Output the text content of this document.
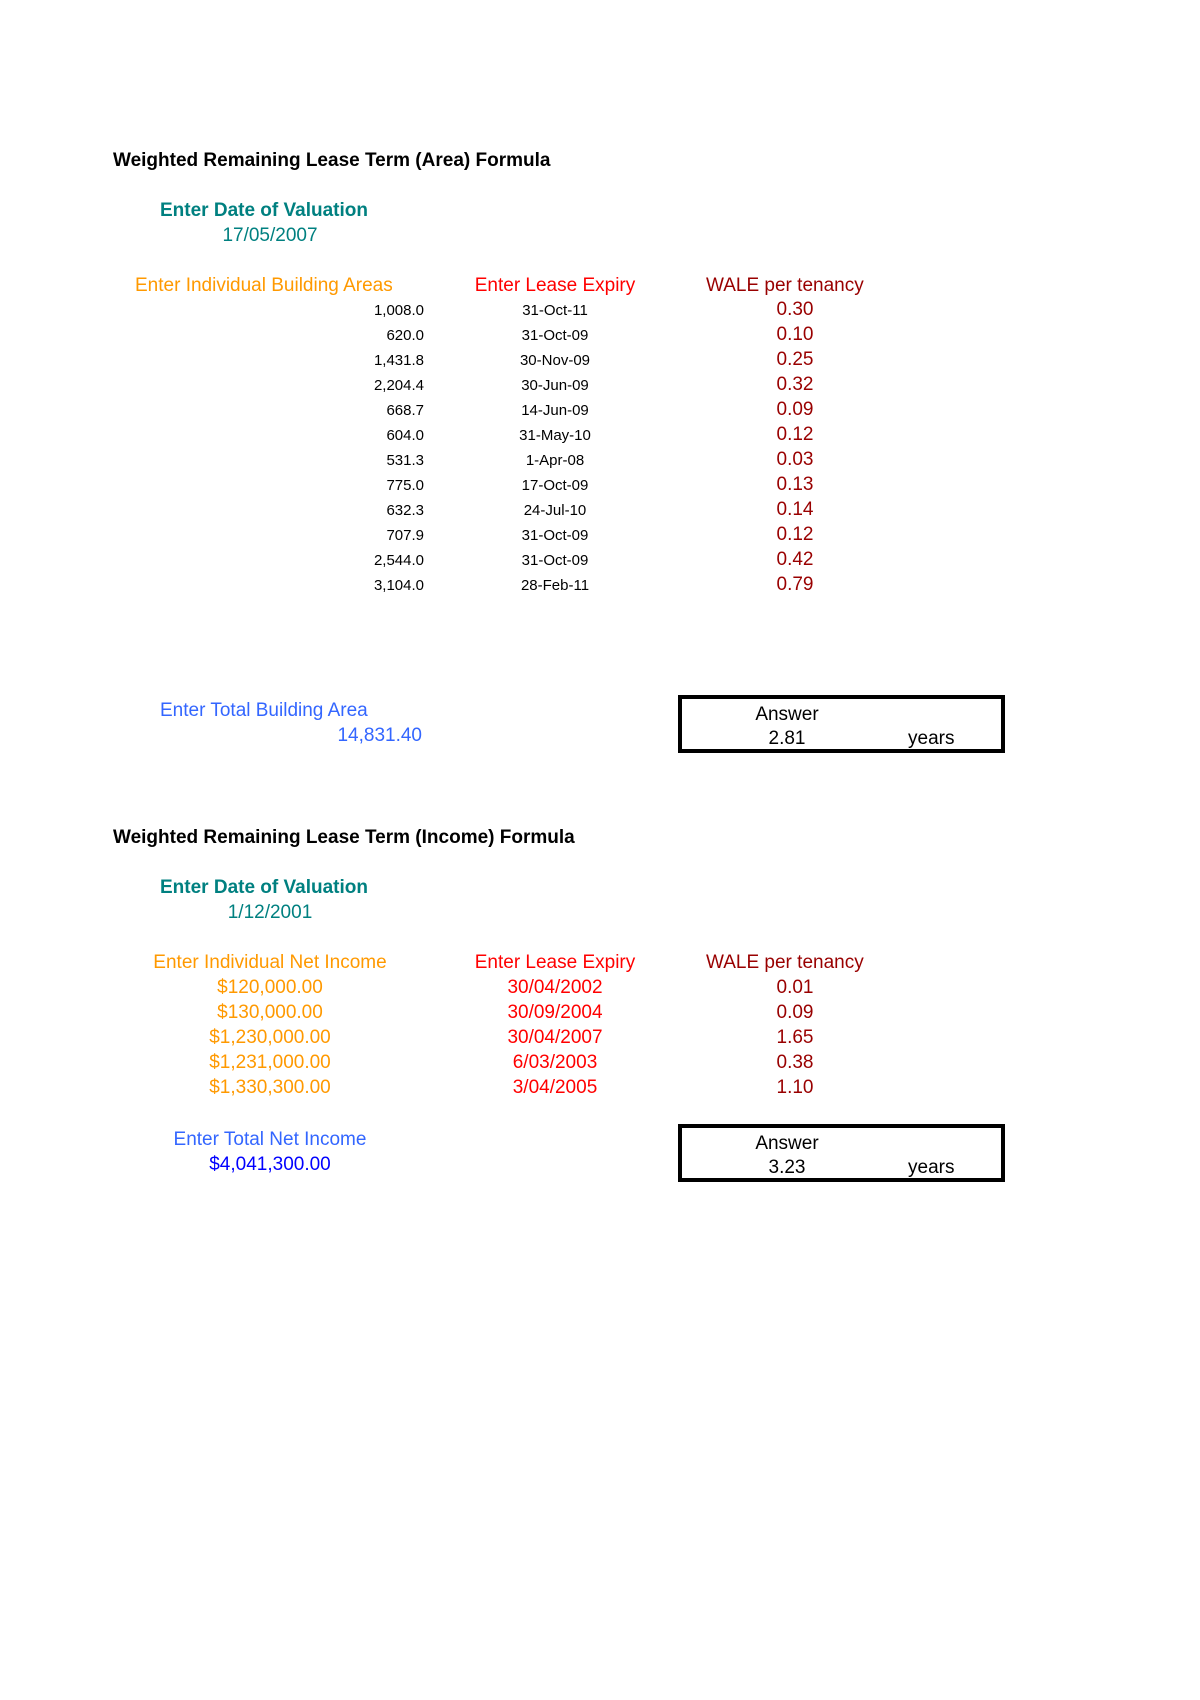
Weighted Remaining Lease Term (Area) Formula
Enter Date of Valuation
17/05/2007
Enter Individual Building Areas	Enter Lease Expiry	WALE per tenancy
1,008.0	31-Oct-11	0.30
620.0	31-Oct-09	0.10
1,431.8	30-Nov-09	0.25
2,204.4	30-Jun-09	0.32
668.7	14-Jun-09	0.09
604.0	31-May-10	0.12
531.3	1-Apr-08	0.03
775.0	17-Oct-09	0.13
632.3	24-Jul-10	0.14
707.9	31-Oct-09	0.12
2,544.0	31-Oct-09	0.42
3,104.0	28-Feb-11	0.79
Enter Total Building Area
14,831.40
Answer
2.81	years
Weighted Remaining Lease Term (Income) Formula
Enter Date of Valuation
1/12/2001
Enter Individual Net Income	Enter Lease Expiry	WALE per tenancy
$120,000.00	30/04/2002	0.01
$130,000.00	30/09/2004	0.09
$1,230,000.00	30/04/2007	1.65
$1,231,000.00	6/03/2003	0.38
$1,330,300.00	3/04/2005	1.10
Enter Total Net Income
$4,041,300.00
Answer
3.23	years
